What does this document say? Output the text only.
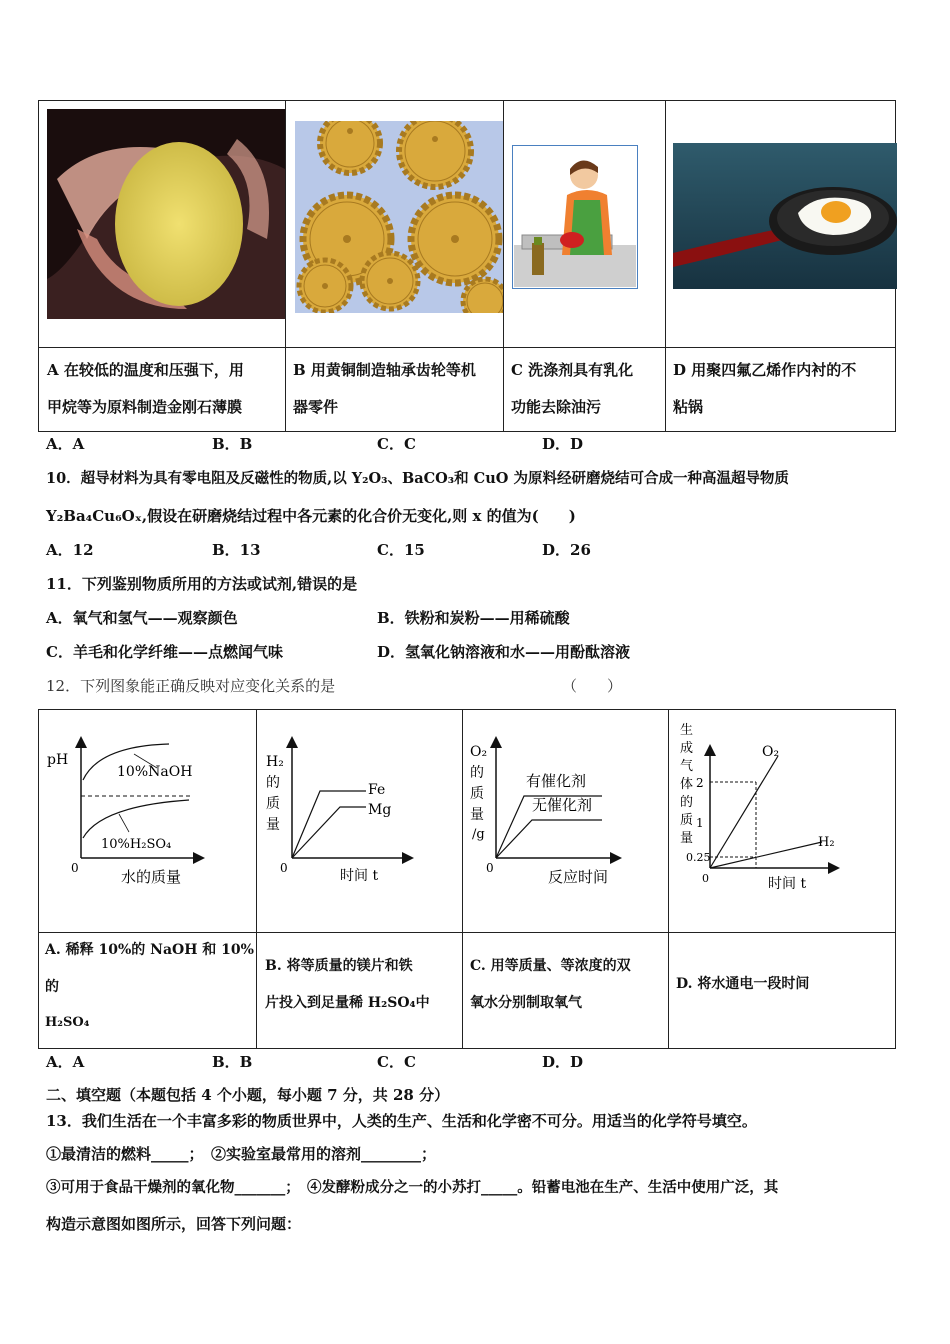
A 在较低的温度和压强下，用
甲烷等为原料制造金刚石薄膜
B 用黄铜制造轴承齿轮等机
器零件
C 洗涤剂具有乳化
功能去除油污
D 用聚四氟乙烯作内衬的不
粘锅
A．A	B．B	C．C	D．D
10．超导材料为具有零电阻及反磁性的物质,以 Y₂O₃、BaCO₃和 CuO 为原料经研磨烧结可合成一种高温超导物质
Y₂Ba₄Cu₆Oₓ,假设在研磨烧结过程中各元素的化合价无变化,则 x 的值为(　　)
A．12	B．13	C．15	D．26
11．下列鉴别物质所用的方法或试剂,错误的是
A．氧气和氢气——观察颜色	B．铁粉和炭粉——用稀硫酸
C．羊毛和化学纤维——点燃闻气味	D．氢氧化钠溶液和水——用酚酞溶液
12．下列图象能正确反映对应变化关系的是	（　　）
pH
10%NaOH
10%H₂SO₄
0	水的质量
H₂
的
质
量
Fe
Mg
0	时间 t
O₂
的
质
量
/g
有催化剂
无催化剂
0	反应时间
生
成
气
体
的
质
量
2
1
0.25
O₂
H₂
0	时间 t
A. 稀释 10%的 NaOH 和 10%
的
H₂SO₄
B. 将等质量的镁片和铁
片投入到足量稀 H₂SO₄中
C. 用等质量、等浓度的双
氧水分别制取氧气
D. 将水通电一段时间
A．A	B．B	C．C	D．D
二、填空题（本题包括 4 个小题，每小题 7 分，共 28 分）
13．我们生活在一个丰富多彩的物质世界中，人类的生产、生活和化学密不可分。用适当的化学符号填空。
①最清洁的燃料_____；　②实验室最常用的溶剂________；
③可用于食品干燥剂的氧化物_______；　④发酵粉成分之一的小苏打_____。铅蓄电池在生产、生活中使用广泛，其
构造示意图如图所示，回答下列问题：
